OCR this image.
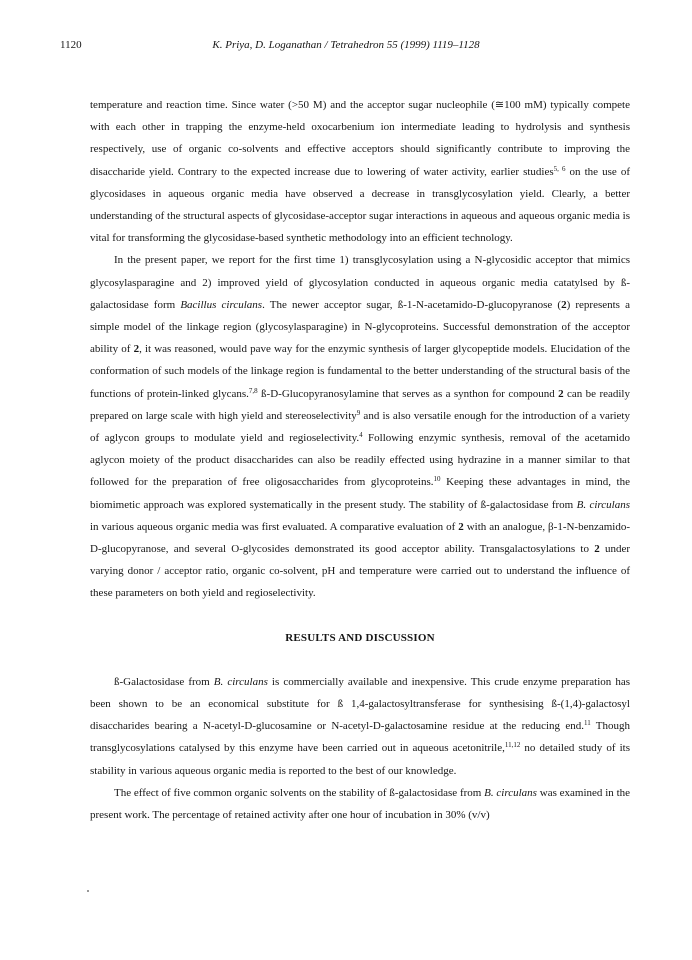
1120	K. Priya, D. Loganathan / Tetrahedron 55 (1999) 1119–1128

temperature and reaction time. Since water (>50 M) and the acceptor sugar nucleophile (≅100 mM) typically compete with each other in trapping the enzyme-held oxocarbenium ion intermediate leading to hydrolysis and synthesis respectively, use of organic co-solvents and effective acceptors should significantly contribute to improving the disaccharide yield. Contrary to the expected increase due to lowering of water activity, earlier studies$^{5, 6}$ on the use of glycosidases in aqueous organic media have observed a decrease in transglycosylation yield. Clearly, a better understanding of the structural aspects of glycosidase-acceptor sugar interactions in aqueous and aqueous organic media is vital for transforming the glycosidase-based synthetic methodology into an efficient technology.

In the present paper, we report for the first time 1) transglycosylation using a N-glycosidic acceptor that mimics glycosylasparagine and 2) improved yield of glycosylation conducted in aqueous organic media catatylsed by ß-galactosidase form Bacillus circulans. The newer acceptor sugar, ß-1-N-acetamido-D-glucopyranose (2) represents a simple model of the linkage region (glycosylasparagine) in N-glycoproteins. Successful demonstration of the acceptor ability of 2, it was reasoned, would pave way for the enzymic synthesis of larger glycopeptide models. Elucidation of the conformation of such models of the linkage region is fundamental to the better understanding of the structural basis of the functions of protein-linked glycans.$^{7,8}$ ß-D-Glucopyranosylamine that serves as a synthon for compound 2 can be readily prepared on large scale with high yield and stereoselectivity$^9$ and is also versatile enough for the introduction of a variety of aglycon groups to modulate yield and regioselectivity.$^4$ Following enzymic synthesis, removal of the acetamido aglycon moiety of the product disaccharides can also be readily effected using hydrazine in a manner similar to that followed for the preparation of free oligosaccharides from glycoproteins.$^{10}$ Keeping these advantages in mind, the biomimetic approach was explored systematically in the present study. The stability of ß-galactosidase from B. circulans in various aqueous organic media was first evaluated. A comparative evaluation of 2 with an analogue, β-1-N-benzamido-D-glucopyranose, and several O-glycosides demonstrated its good acceptor ability. Transgalactosylations to 2 under varying donor / acceptor ratio, organic co-solvent, pH and temperature were carried out to understand the influence of these parameters on both yield and regioselectivity.

RESULTS AND DISCUSSION

ß-Galactosidase from B. circulans is commercially available and inexpensive. This crude enzyme preparation has been shown to be an economical substitute for ß 1,4-galactosyltransferase for synthesising ß-(1,4)-galactosyl disaccharides bearing a N-acetyl-D-glucosamine or N-acetyl-D-galactosamine residue at the reducing end.$^{11}$ Though transglycosylations catalysed by this enzyme have been carried out in aqueous acetonitrile,$^{11,12}$ no detailed study of its stability in various aqueous organic media is reported to the best of our knowledge.

The effect of five common organic solvents on the stability of ß-galactosidase from B. circulans was examined in the present work. The percentage of retained activity after one hour of incubation in 30% (v/v)
